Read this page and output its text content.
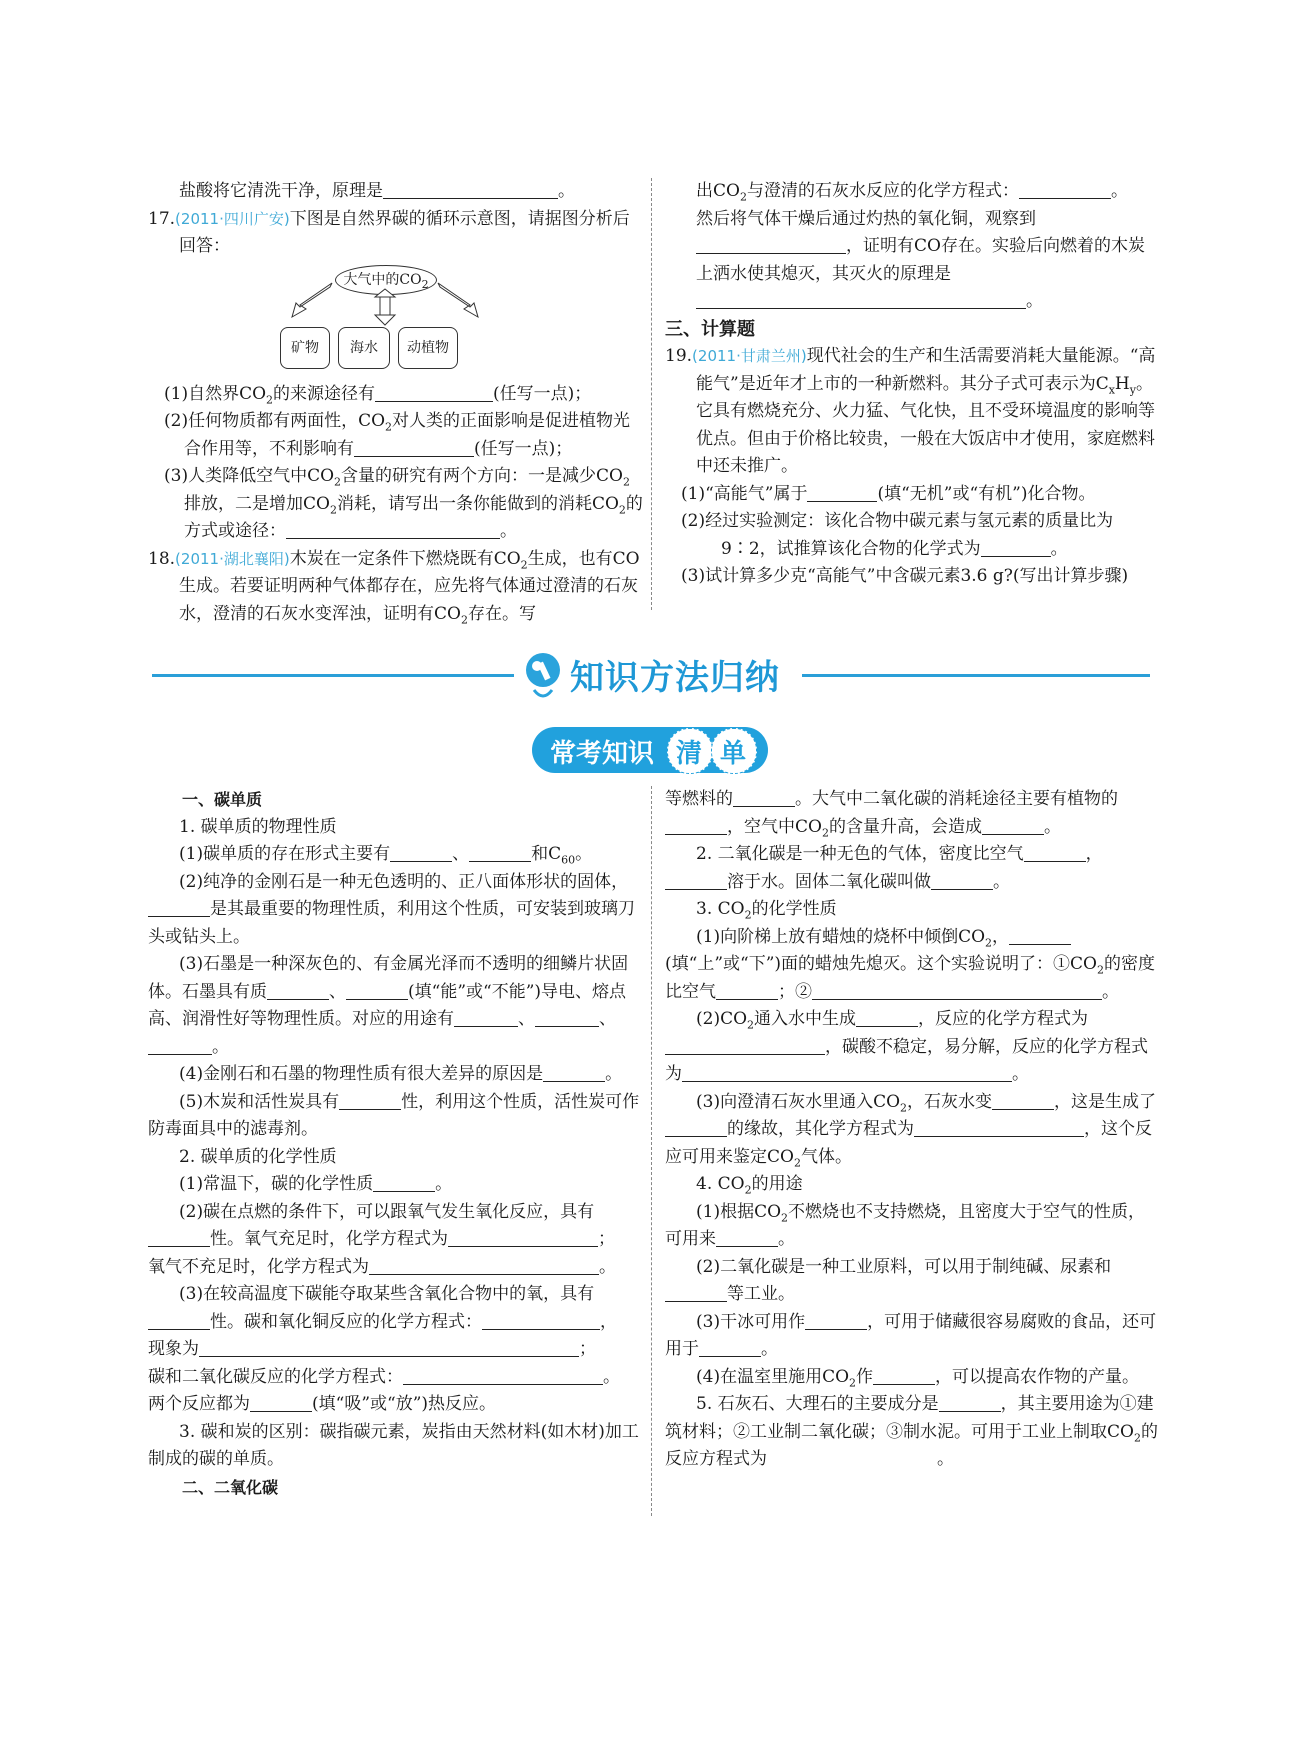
盐酸将它清洗干净，原理是	。

17.(2011·四川广安)下图是自然界碳的循环示意图，请据图分析后回答：

大气中的$CO_2$
矿物	海水	动植物

(1)自然界$CO_2$的来源途径有	(任写一点)；

(2)任何物质都有两面性，$CO_2$对人类的正面影响是促进植物光合作用等，不利影响有	(任写一点)；

(3)人类降低空气中$CO_2$含量的研究有两个方向：一是减少$CO_2$排放，二是增加$CO_2$消耗，请写出一条你能做到的消耗$CO_2$的方式或途径：	。

18.(2011·湖北襄阳)木炭在一定条件下燃烧既有$CO_2$生成，也有CO生成。若要证明两种气体都存在，应先将气体通过澄清的石灰水，澄清的石灰水变浑浊，证明有$CO_2$存在。写

出$CO_2$与澄清的石灰水反应的化学方程式：	。
然后将气体干燥后通过灼热的氧化铜，观察到，证明有CO存在。实验后向燃着的木炭上洒水使其熄灭，其灭火的原理是。

三、计算题

19.(2011·甘肃兰州)现代社会的生产和生活需要消耗大量能源。“高能气”是近年才上市的一种新燃料。其分子式可表示为$C_xH_y$。它具有燃烧充分、火力猛、气化快，且不受环境温度的影响等优点。但由于价格比较贵，一般在大饭店中才使用，家庭燃料中还未推广。

(1)“高能气”属于	(填“无机”或“有机”)化合物。

(2)经过实验测定：该化合物中碳元素与氢元素的质量比为9∶2，试推算该化合物的化学式为	。

(3)试计算多少克“高能气”中含碳元素3.6 g?(写出计算步骤)

知识方法归纳
常考知识 清 单

一、碳单质

1. 碳单质的物理性质

(1)碳单质的存在形式主要有	、	和$C_{60}$。

(2)纯净的金刚石是一种无色透明的、正八面体形状的固体，是其最重要的物理性质，利用这个性质，可安装到玻璃刀头或钻头上。

(3)石墨是一种深灰色的、有金属光泽而不透明的细鳞片状固体。石墨具有质	、	(填“能”或“不能”)导电、熔点高、润滑性好等物理性质。对应的用途有	、	、。

(4)金刚石和石墨的物理性质有很大差异的原因是	。

(5)木炭和活性炭具有	性，利用这个性质，活性炭可作防毒面具中的滤毒剂。

2. 碳单质的化学性质

(1)常温下，碳的化学性质	。

(2)碳在点燃的条件下，可以跟氧气发生氧化反应，具有性。氧气充足时，化学方程式为	；
氧气不充足时，化学方程式为	。

(3)在较高温度下碳能夺取某些含氧化合物中的氧，具有性。碳和氧化铜反应的化学方程式：	，
现象为	；
碳和二氧化碳反应的化学方程式：	。
两个反应都为	(填“吸”或“放”)热反应。

3. 碳和炭的区别：碳指碳元素，炭指由天然材料(如木材)加工制成的碳的单质。

二、二氧化碳

等燃料的	。大气中二氧化碳的消耗途径主要有植物的，空气中$CO_2$的含量升高，会造成	。

2. 二氧化碳是一种无色的气体，密度比空气	，溶于水。固体二氧化碳叫做	。

3. $CO_2$的化学性质

(1)向阶梯上放有蜡烛的烧杯中倾倒$CO_2$，(填“上”或“下”)面的蜡烛先熄灭。这个实验说明了：$①CO_2$的密度比空气	；②	。

$(2)CO_2$通入水中生成	，反应的化学方程式为，碳酸不稳定，易分解，反应的化学方程式为	。

(3)向澄清石灰水里通入$CO_2$，石灰水变	，这是生成了的缘故，其化学方程式为	，这个反应可用来鉴定$CO_2$气体。

4. $CO_2$的用途

(1)根据$CO_2$不燃烧也不支持燃烧，且密度大于空气的性质，可用来	。

(2)二氧化碳是一种工业原料，可以用于制纯碱、尿素和等工业。

(3)干冰可用作	，可用于储藏很容易腐败的食品，还可用于	。

(4)在温室里施用$CO_2$作	，可以提高农作物的产量。

5. 石灰石、大理石的主要成分是	，其主要用途为①建筑材料；②工业制二氧化碳；③制水泥。可用于工业上制取$CO_2$的反应方程式为	。
